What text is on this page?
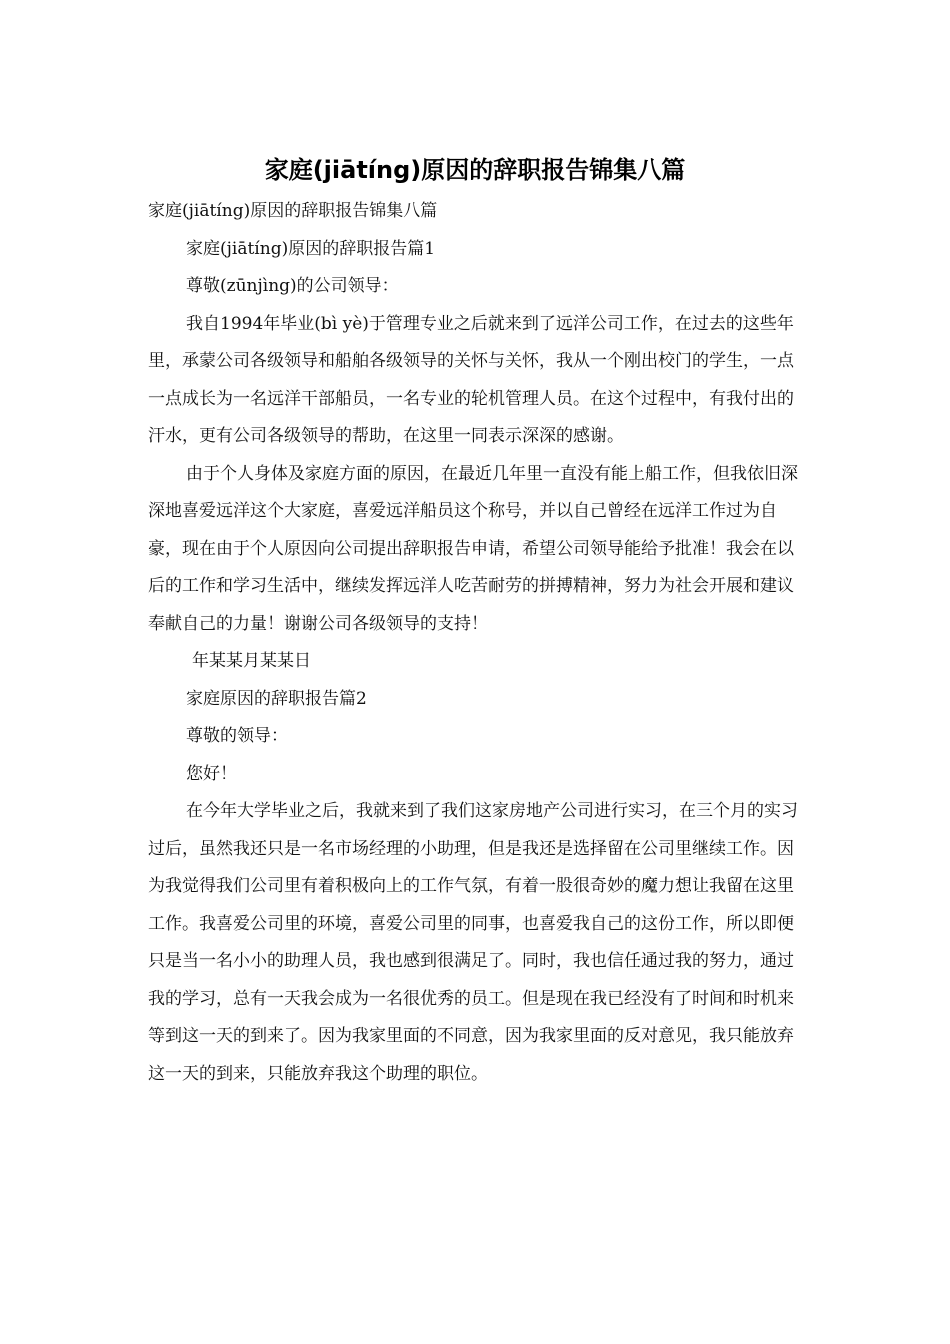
家庭(jiātíng)原因的辞职报告锦集八篇

家庭(jiātíng)原因的辞职报告锦集八篇

家庭(jiātíng)原因的辞职报告篇1

尊敬(zūnjìng)的公司领导：

我自1994年毕业(bì yè)于管理专业之后就来到了远洋公司工作，在过去的这些年里，承蒙公司各级领导和船舶各级领导的关怀与关怀，我从一个刚出校门的学生，一点一点成长为一名远洋干部船员，一名专业的轮机管理人员。在这个过程中，有我付出的汗水，更有公司各级领导的帮助，在这里一同表示深深的感谢。

由于个人身体及家庭方面的原因，在最近几年里一直没有能上船工作，但我依旧深深地喜爱远洋这个大家庭，喜爱远洋船员这个称号，并以自己曾经在远洋工作过为自豪，现在由于个人原因向公司提出辞职报告申请，希望公司领导能给予批准！我会在以后的工作和学习生活中，继续发挥远洋人吃苦耐劳的拼搏精神，努力为社会开展和建议奉献自己的力量！谢谢公司各级领导的支持！

年某某月某某日

家庭原因的辞职报告篇2

尊敬的领导：

您好！

在今年大学毕业之后，我就来到了我们这家房地产公司进行实习，在三个月的实习过后，虽然我还只是一名市场经理的小助理，但是我还是选择留在公司里继续工作。因为我觉得我们公司里有着积极向上的工作气氛，有着一股很奇妙的魔力想让我留在这里工作。我喜爱公司里的环境，喜爱公司里的同事，也喜爱我自己的这份工作，所以即便只是当一名小小的助理人员，我也感到很满足了。同时，我也信任通过我的努力，通过我的学习，总有一天我会成为一名很优秀的员工。但是现在我已经没有了时间和时机来等到这一天的到来了。因为我家里面的不同意，因为我家里面的反对意见，我只能放弃这一天的到来，只能放弃我这个助理的职位。
